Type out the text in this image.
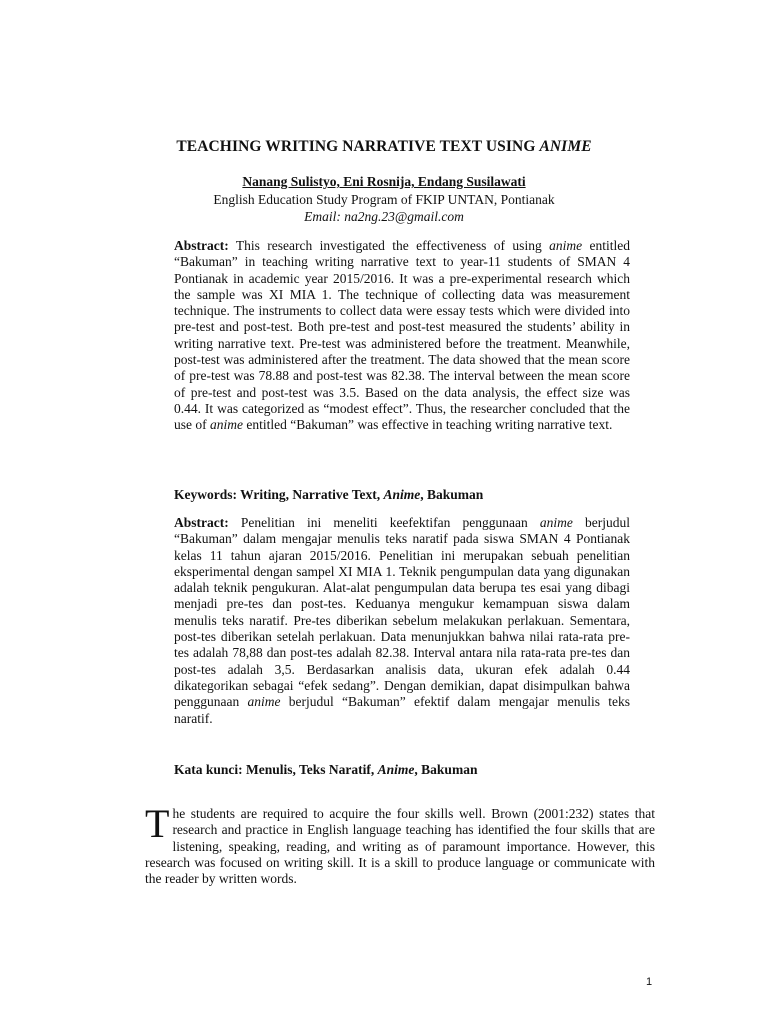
TEACHING WRITING NARRATIVE TEXT USING ANIME
Nanang Sulistyo, Eni Rosnija, Endang Susilawati
English Education Study Program of FKIP UNTAN, Pontianak
Email: na2ng.23@gmail.com
Abstract: This research investigated the effectiveness of using anime entitled “Bakuman” in teaching writing narrative text to year-11 students of SMAN 4 Pontianak in academic year 2015/2016. It was a pre-experimental research which the sample was XI MIA 1. The technique of collecting data was measurement technique. The instruments to collect data were essay tests which were divided into pre-test and post-test. Both pre-test and post-test measured the students’ ability in writing narrative text. Pre-test was administered before the treatment. Meanwhile, post-test was administered after the treatment. The data showed that the mean score of pre-test was 78.88 and post-test was 82.38. The interval between the mean score of pre-test and post-test was 3.5. Based on the data analysis, the effect size was 0.44. It was categorized as “modest effect”. Thus, the researcher concluded that the use of anime entitled “Bakuman” was effective in teaching writing narrative text.
Keywords: Writing, Narrative Text, Anime, Bakuman
Abstract: Penelitian ini meneliti keefektifan penggunaan anime berjudul “Bakuman” dalam mengajar menulis teks naratif pada siswa SMAN 4 Pontianak kelas 11 tahun ajaran 2015/2016. Penelitian ini merupakan sebuah penelitian eksperimental dengan sampel XI MIA 1. Teknik pengumpulan data yang digunakan adalah teknik pengukuran. Alat-alat pengumpulan data berupa tes esai yang dibagi menjadi pre-tes dan post-tes. Keduanya mengukur kemampuan siswa dalam menulis teks naratif. Pre-tes diberikan sebelum melakukan perlakuan. Sementara, post-tes diberikan setelah perlakuan. Data menunjukkan bahwa nilai rata-rata pre-tes adalah 78,88 dan post-tes adalah 82.38. Interval antara nila rata-rata pre-tes dan post-tes adalah 3,5. Berdasarkan analisis data, ukuran efek adalah 0.44 dikategorikan sebagai “efek sedang”. Dengan demikian, dapat disimpulkan bahwa penggunaan anime berjudul “Bakuman” efektif dalam mengajar menulis teks naratif.
Kata kunci: Menulis, Teks Naratif, Anime, Bakuman
The students are required to acquire the four skills well. Brown (2001:232) states that research and practice in English language teaching has identified the four skills that are listening, speaking, reading, and writing as of paramount importance. However, this research was focused on writing skill. It is a skill to produce language or communicate with the reader by written words.
1
